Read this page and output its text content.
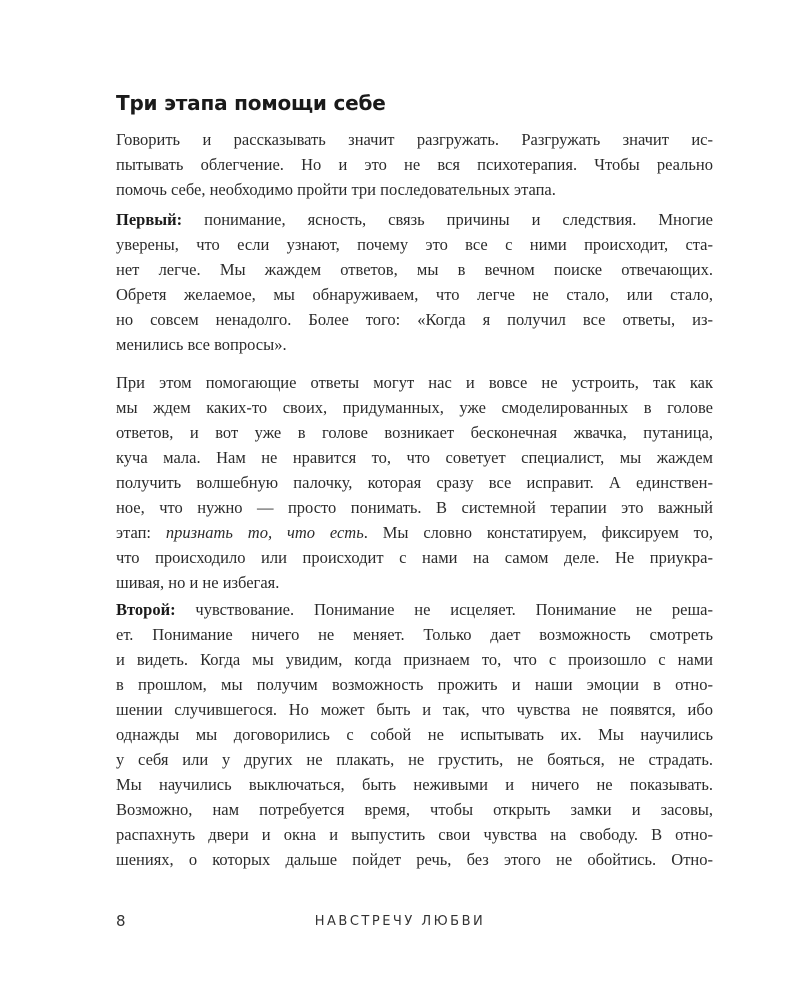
Три этапа помощи себе
Говорить и рассказывать значит разгружать. Разгружать значит ис-
пытывать облегчение. Но и это не вся психотерапия. Чтобы реально
помочь себе, необходимо пройти три последовательных этапа.
Первый: понимание, ясность, связь причины и следствия. Многие
уверены, что если узнают, почему это все с ними происходит, ста-
нет легче. Мы жаждем ответов, мы в вечном поиске отвечающих.
Обретя желаемое, мы обнаруживаем, что легче не стало, или стало,
но совсем ненадолго. Более того: «Когда я получил все ответы, из-
менились все вопросы».
При этом помогающие ответы могут нас и вовсе не устроить, так как
мы ждем каких-то своих, придуманных, уже смоделированных в голове
ответов, и вот уже в голове возникает бесконечная жвачка, путаница,
куча мала. Нам не нравится то, что советует специалист, мы жаждем
получить волшебную палочку, которая сразу все исправит. А единствен-
ное, что нужно — просто понимать. В системной терапии это важный
этап: признать то, что есть. Мы словно констатируем, фиксируем то,
что происходило или происходит с нами на самом деле. Не приукра-
шивая, но и не избегая.
Второй: чувствование. Понимание не исцеляет. Понимание не реша-
ет. Понимание ничего не меняет. Только дает возможность смотреть
и видеть. Когда мы увидим, когда признаем то, что с произошло с нами
в прошлом, мы получим возможность прожить и наши эмоции в отно-
шении случившегося. Но может быть и так, что чувства не появятся, ибо
однажды мы договорились с собой не испытывать их. Мы научились
у себя или у других не плакать, не грустить, не бояться, не страдать.
Мы научились выключаться, быть неживыми и ничего не показывать.
Возможно, нам потребуется время, чтобы открыть замки и засовы,
распахнуть двери и окна и выпустить свои чувства на свободу. В отно-
шениях, о которых дальше пойдет речь, без этого не обойтись. Отно-
8	НАВСТРЕЧУ ЛЮБВИ
